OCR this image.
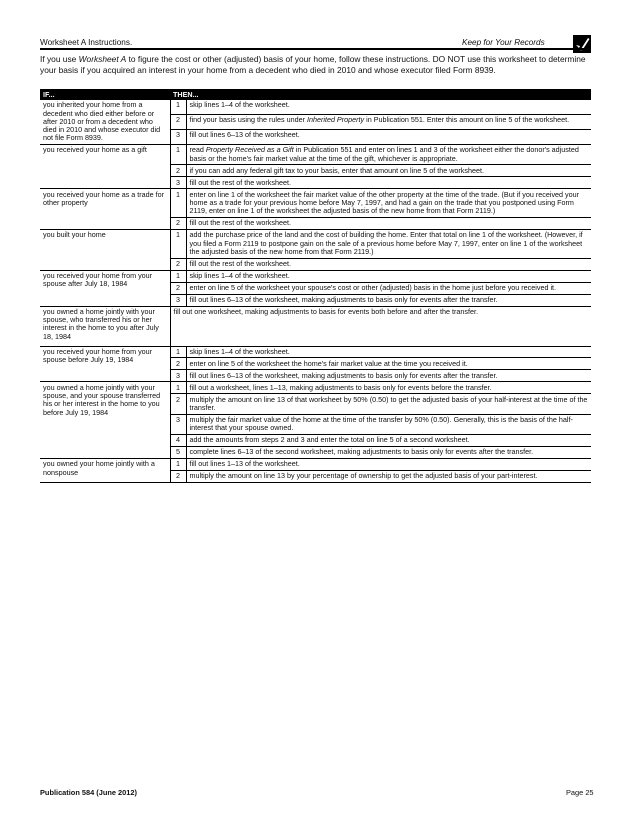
Worksheet A Instructions.	Keep for Your Records
If you use Worksheet A to figure the cost or other (adjusted) basis of your home, follow these instructions. DO NOT use this worksheet to determine your basis if you acquired an interest in your home from a decedent who died in 2010 and whose executor filed Form 8939.
IF...	THEN...	
you inherited your home from a decedent who died either before or after 2010 or from a decedent who died in 2010 and whose executor did not file Form 8939.	1	skip lines 1–4 of the worksheet.
	2	find your basis using the rules under Inherited Property in Publication 551. Enter this amount on line 5 of the worksheet.
	3	fill out lines 6–13 of the worksheet.
you received your home as a gift	1	read Property Received as a Gift in Publication 551 and enter on lines 1 and 3 of the worksheet either the donor's adjusted basis or the home's fair market value at the time of the gift, whichever is appropriate.
	2	if you can add any federal gift tax to your basis, enter that amount on line 5 of the worksheet.
	3	fill out the rest of the worksheet.
you received your home as a trade for other property	1	enter on line 1 of the worksheet the fair market value of the other property at the time of the trade. (But if you received your home as a trade for your previous home before May 7, 1997, and had a gain on the trade that you postponed using Form 2119, enter on line 1 of the worksheet the adjusted basis of the new home from that Form 2119.)
	2	fill out the rest of the worksheet.
you built your home	1	add the purchase price of the land and the cost of building the home. Enter that total on line 1 of the worksheet. (However, if you filed a Form 2119 to postpone gain on the sale of a previous home before May 7, 1997, enter on line 1 of the worksheet the adjusted basis of the new home from that Form 2119.)
	2	fill out the rest of the worksheet.
you received your home from your spouse after July 18, 1984	1	skip lines 1–4 of the worksheet.
	2	enter on line 5 of the worksheet your spouse's cost or other (adjusted) basis in the home just before you received it.
	3	fill out lines 6–13 of the worksheet, making adjustments to basis only for events after the transfer.
you owned a home jointly with your spouse, who transferred his or her interest in the home to you after July 18, 1984	fill out one worksheet, making adjustments to basis for events both before and after the transfer.	
you received your home from your spouse before July 19, 1984	1	skip lines 1–4 of the worksheet.
	2	enter on line 5 of the worksheet the home's fair market value at the time you received it.
	3	fill out lines 6–13 of the worksheet, making adjustments to basis only for events after the transfer.
you owned a home jointly with your spouse, and your spouse transferred his or her interest in the home to you before July 19, 1984	1	fill out a worksheet, lines 1–13, making adjustments to basis only for events before the transfer.
	2	multiply the amount on line 13 of that worksheet by 50% (0.50) to get the adjusted basis of your half-interest at the time of the transfer.
	3	multiply the fair market value of the home at the time of the transfer by 50% (0.50). Generally, this is the basis of the half-interest that your spouse owned.
	4	add the amounts from steps 2 and 3 and enter the total on line 5 of a second worksheet.
	5	complete lines 6–13 of the second worksheet, making adjustments to basis only for events after the transfer.
you owned your home jointly with a nonspouse	1	fill out lines 1–13 of the worksheet.
	2	multiply the amount on line 13 by your percentage of ownership to get the adjusted basis of your part-interest.
Publication 584 (June 2012)	Page 25
